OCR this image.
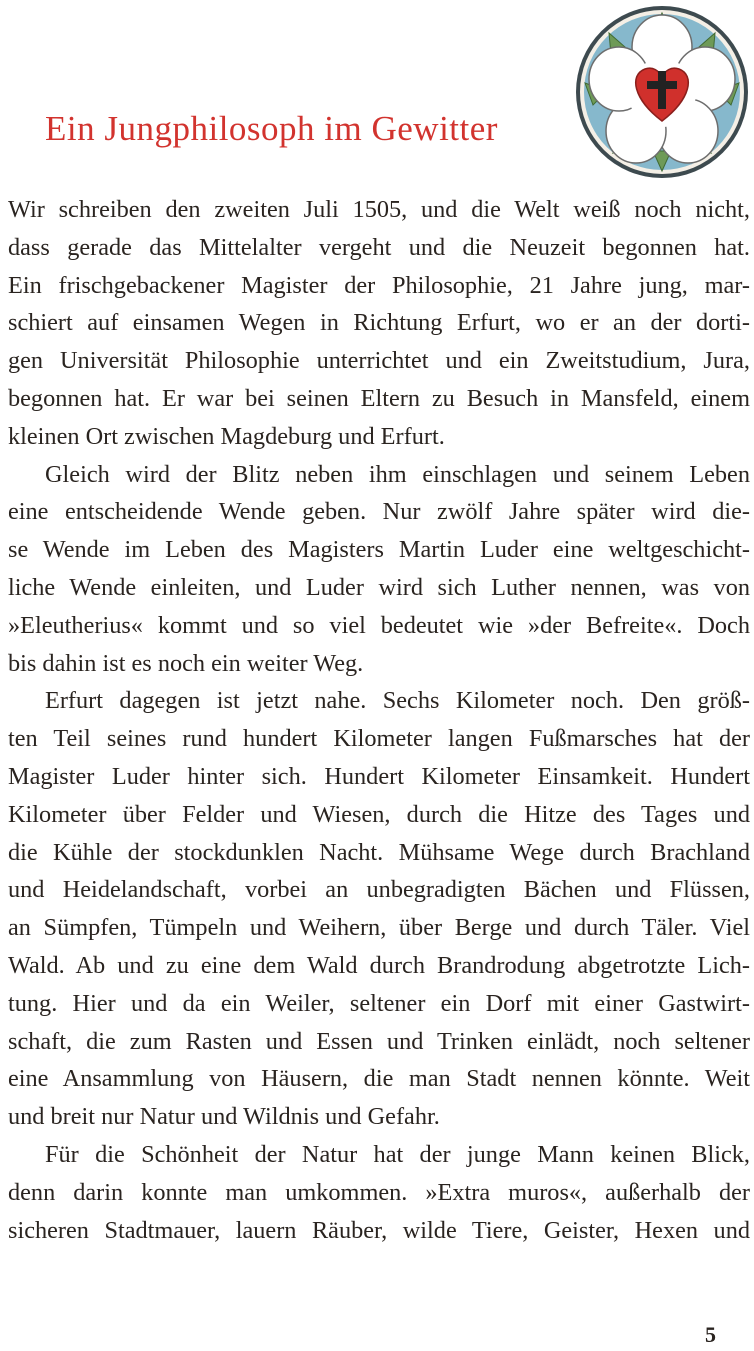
Ein Jungphilosoph im Gewitter

Wir schreiben den zweiten Juli 1505, und die Welt weiß noch nicht,
dass gerade das Mittelalter vergeht und die Neuzeit begonnen hat.
Ein frischgebackener Magister der Philosophie, 21 Jahre jung, mar-
schiert auf einsamen Wegen in Richtung Erfurt, wo er an der dorti-
gen Universität Philosophie unterrichtet und ein Zweitstudium, Jura,
begonnen hat. Er war bei seinen Eltern zu Besuch in Mansfeld, einem
kleinen Ort zwischen Magdeburg und Erfurt.

Gleich wird der Blitz neben ihm einschlagen und seinem Leben
eine entscheidende Wende geben. Nur zwölf Jahre später wird die-
se Wende im Leben des Magisters Martin Luder eine weltgeschicht-
liche Wende einleiten, und Luder wird sich Luther nennen, was von
»Eleutherius« kommt und so viel bedeutet wie »der Befreite«. Doch
bis dahin ist es noch ein weiter Weg.

Erfurt dagegen ist jetzt nahe. Sechs Kilometer noch. Den größ-
ten Teil seines rund hundert Kilometer langen Fußmarsches hat der
Magister Luder hinter sich. Hundert Kilometer Einsamkeit. Hundert
Kilometer über Felder und Wiesen, durch die Hitze des Tages und
die Kühle der stockdunklen Nacht. Mühsame Wege durch Brachland
und Heidelandschaft, vorbei an unbegradigten Bächen und Flüssen,
an Sümpfen, Tümpeln und Weihern, über Berge und durch Täler. Viel
Wald. Ab und zu eine dem Wald durch Brandrodung abgetrotzte Lich-
tung. Hier und da ein Weiler, seltener ein Dorf mit einer Gastwirt-
schaft, die zum Rasten und Essen und Trinken einlädt, noch seltener
eine Ansammlung von Häusern, die man Stadt nennen könnte. Weit
und breit nur Natur und Wildnis und Gefahr.

Für die Schönheit der Natur hat der junge Mann keinen Blick,
denn darin konnte man umkommen. »Extra muros«, außerhalb der
sicheren Stadtmauer, lauern Räuber, wilde Tiere, Geister, Hexen und

5
